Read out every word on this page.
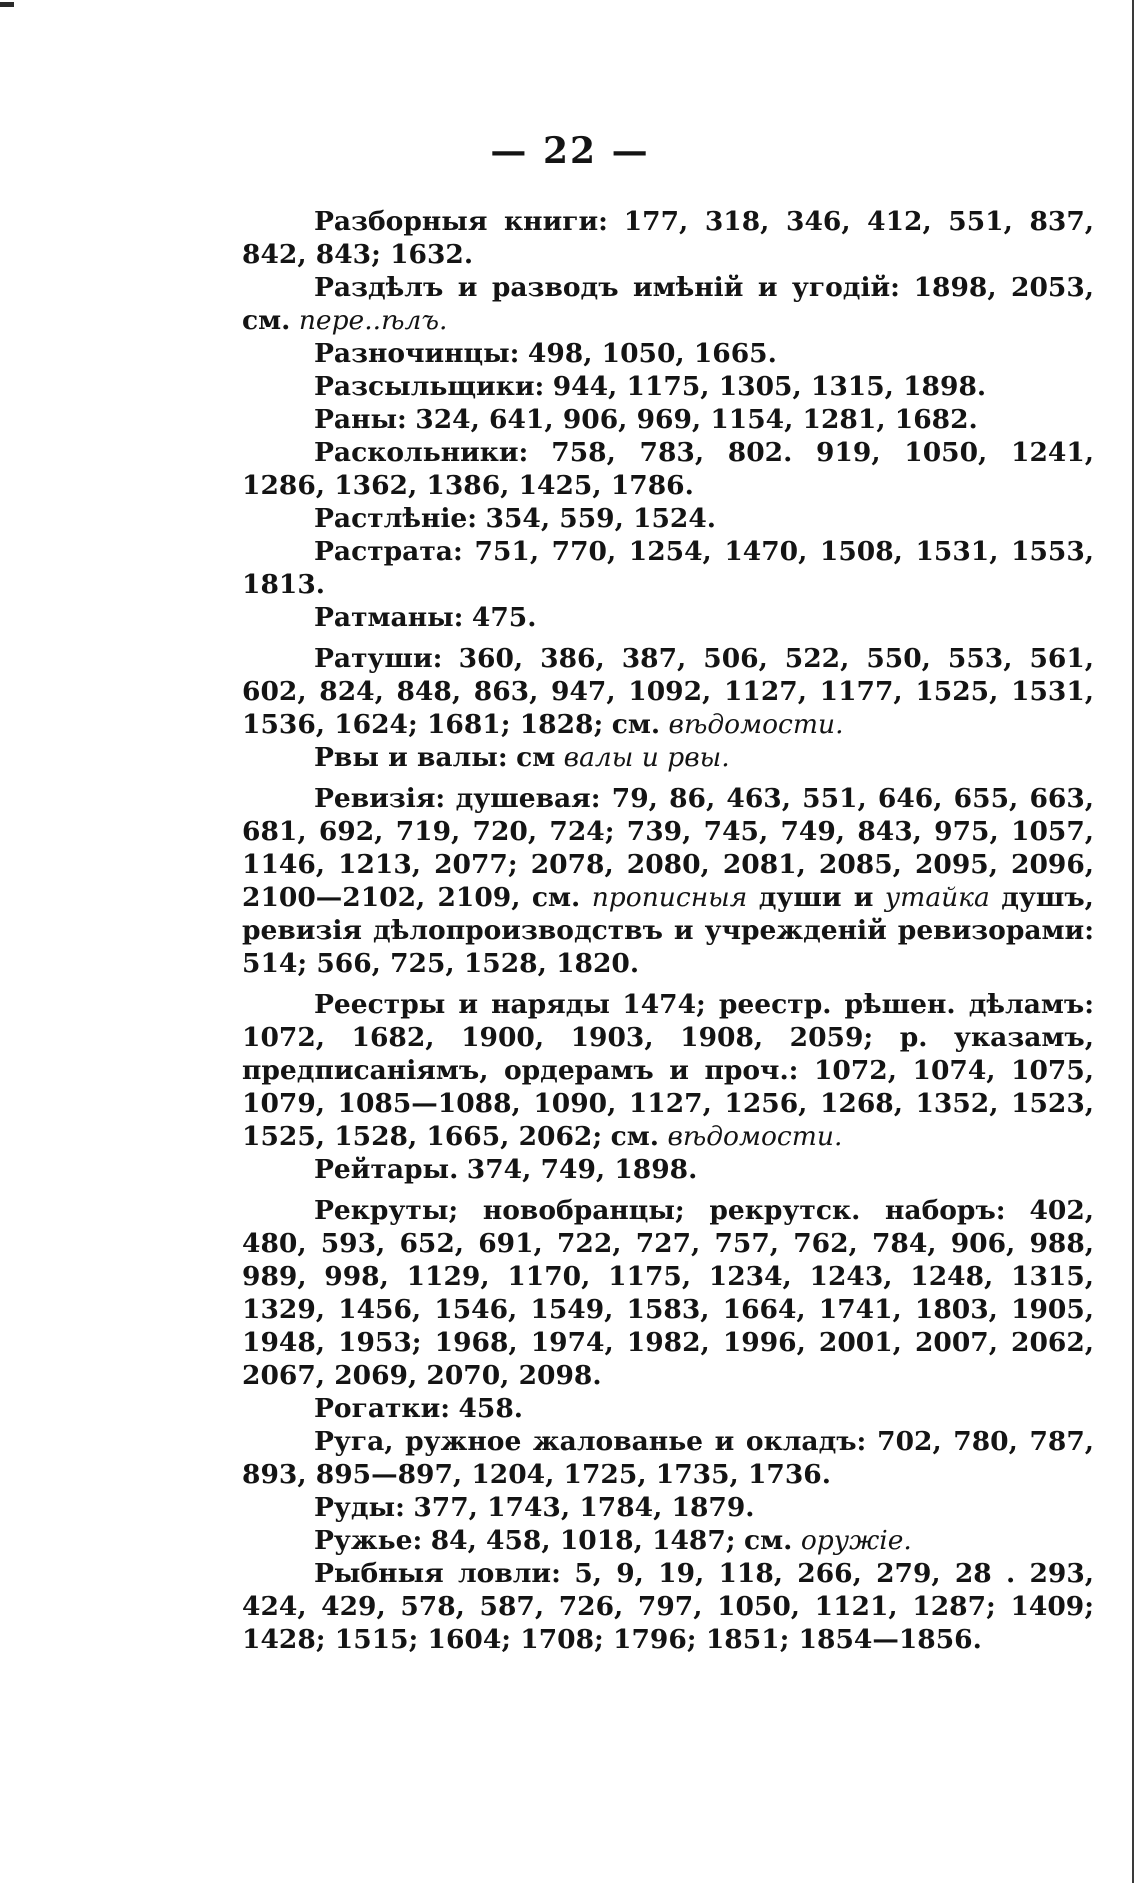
— 22 —

Разборныя книги: 177, 318, 346, 412, 551, 837, 842, 843; 1632.

Раздѣлъ и разводъ имѣній и угодій: 1898, 2053, см. пере..ѣлъ.

Разночинцы: 498, 1050, 1665.

Разсыльщики: 944, 1175, 1305, 1315, 1898.

Раны: 324, 641, 906, 969, 1154, 1281, 1682.

Раскольники: 758, 783, 802. 919, 1050, 1241, 1286, 1362, 1386, 1425, 1786.

Растлѣніе: 354, 559, 1524.

Растрата: 751, 770, 1254, 1470, 1508, 1531, 1553, 1813.

Ратманы: 475.

Ратуши: 360, 386, 387, 506, 522, 550, 553, 561, 602, 824, 848, 863, 947, 1092, 1127, 1177, 1525, 1531, 1536, 1624; 1681; 1828; см. вѣдомости.

Рвы и валы: см валы и рвы.

Ревизія: душевая: 79, 86, 463, 551, 646, 655, 663, 681, 692, 719, 720, 724; 739, 745, 749, 843, 975, 1057, 1146, 1213, 2077; 2078, 2080, 2081, 2085, 2095, 2096, 2100—2102, 2109, см. прописныя души и утайка душъ, ревизія дѣлопроизводствъ и учрежденій ревизорами: 514; 566, 725, 1528, 1820.

Реестры и наряды 1474; реестр. рѣшен. дѣламъ: 1072, 1682, 1900, 1903, 1908, 2059; р. указамъ, предписаніямъ, ордерамъ и проч.: 1072, 1074, 1075, 1079, 1085—1088, 1090, 1127, 1256, 1268, 1352, 1523, 1525, 1528, 1665, 2062; см. вѣдомости.

Рейтары. 374, 749, 1898.

Рекруты; новобранцы; рекрутск. наборъ: 402, 480, 593, 652, 691, 722, 727, 757, 762, 784, 906, 988, 989, 998, 1129, 1170, 1175, 1234, 1243, 1248, 1315, 1329, 1456, 1546, 1549, 1583, 1664, 1741, 1803, 1905, 1948, 1953; 1968, 1974, 1982, 1996, 2001, 2007, 2062, 2067, 2069, 2070, 2098.

Рогатки: 458.

Руга, ружное жалованье и окладъ: 702, 780, 787, 893, 895—897, 1204, 1725, 1735, 1736.

Руды: 377, 1743, 1784, 1879.

Ружье: 84, 458, 1018, 1487; см. оружіе.

Рыбныя ловли: 5, 9, 19, 118, 266, 279, 28 . 293, 424, 429, 578, 587, 726, 797, 1050, 1121, 1287; 1409; 1428; 1515; 1604; 1708; 1796; 1851; 1854—1856.
